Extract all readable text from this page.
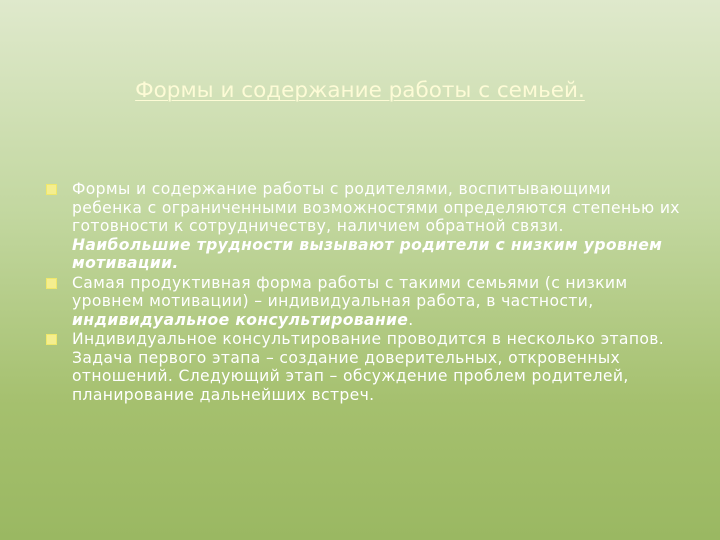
Формы и содержание работы с семьей.
Формы и содержание работы с родителями, воспитывающими ребенка с ограниченными возможностями определяются степенью их готовности к сотрудничеству, наличием обратной связи. Наибольшие трудности вызывают родители с низким уровнем мотивации.
Самая продуктивная форма работы с такими семьями (с низким уровнем мотивации) – индивидуальная работа, в частности, индивидуальное консультирование.
Индивидуальное консультирование проводится в несколько этапов. Задача первого этапа – создание доверительных, откровенных отношений. Следующий этап – обсуждение проблем родителей, планирование дальнейших встреч.
